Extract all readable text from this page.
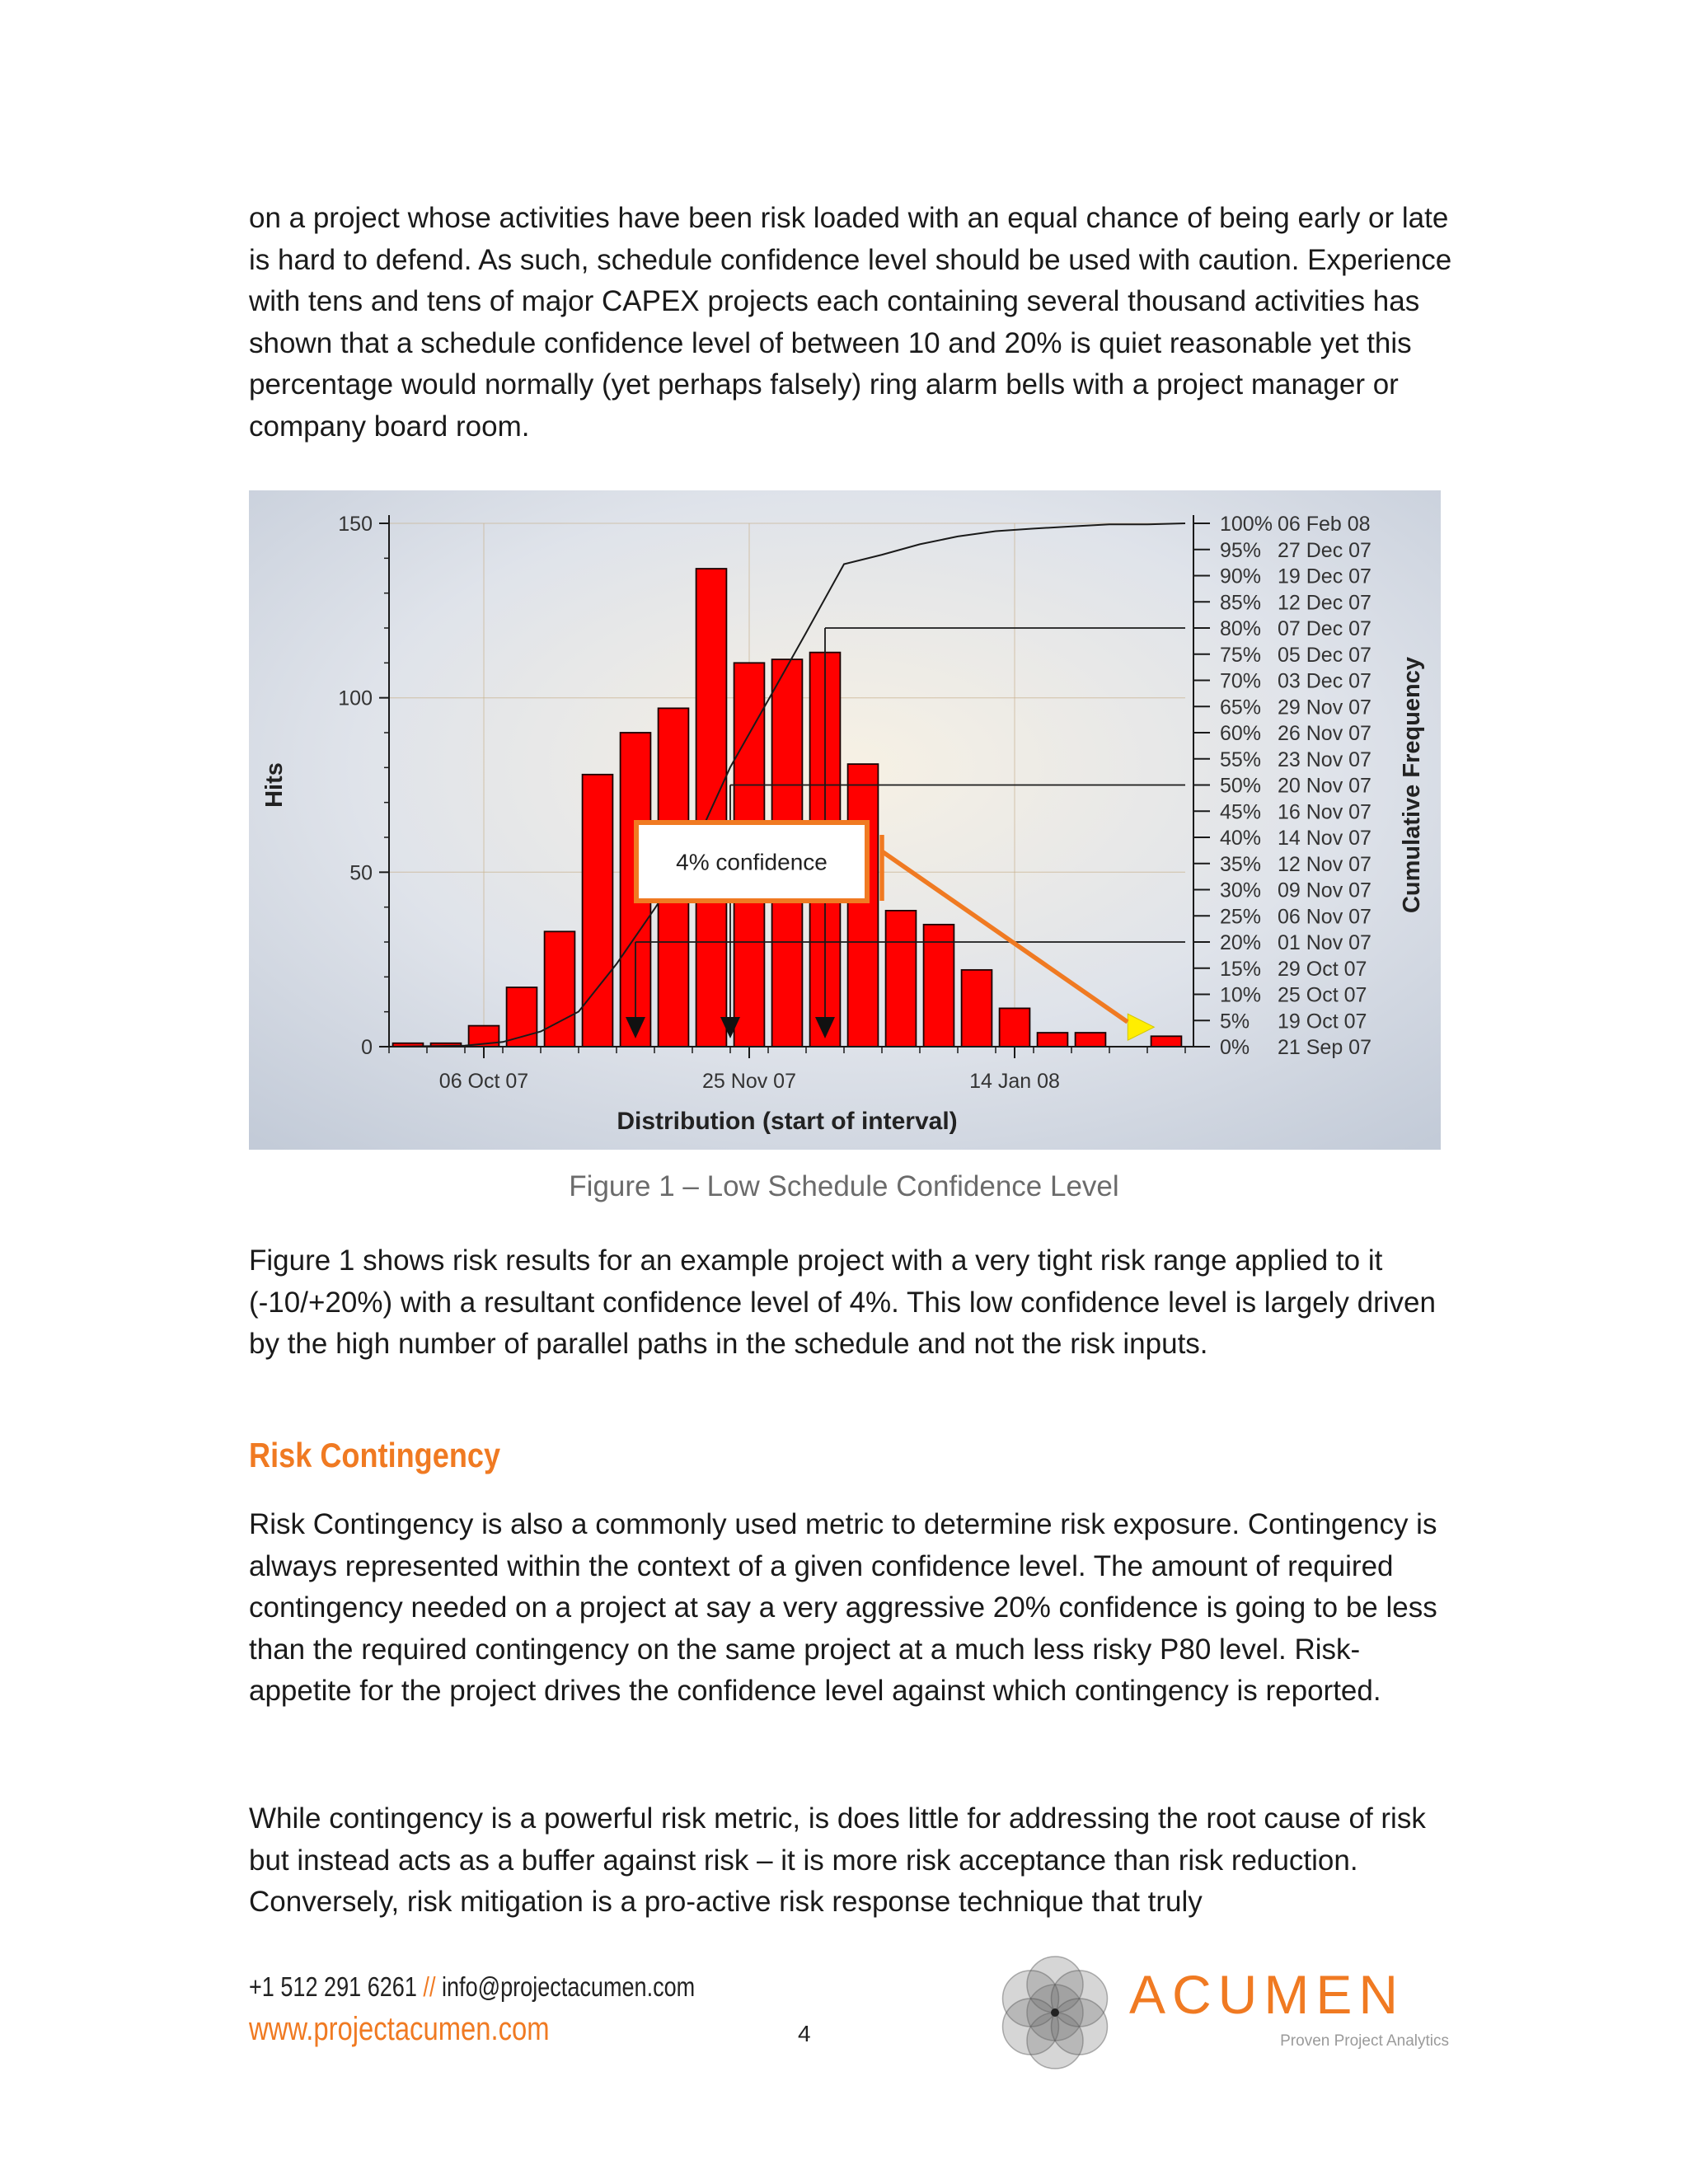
on a project whose activities have been risk loaded with an equal chance of being early or late is hard to defend. As such, schedule confidence level should be used with caution. Experience with tens and tens of major CAPEX projects each containing several thousand activities has shown that a schedule confidence level of between 10 and 20% is quiet reasonable yet this percentage would normally (yet perhaps falsely) ring alarm bells with a project manager or company board room.

0
50
100
150
Hits
06 Oct 07	25 Nov 07	14 Jan 08
Distribution (start of interval)
100% 06 Feb 08
95% 27 Dec 07
90% 19 Dec 07
85% 12 Dec 07
80% 07 Dec 07
75% 05 Dec 07
70% 03 Dec 07
65% 29 Nov 07
60% 26 Nov 07
55% 23 Nov 07
50% 20 Nov 07
45% 16 Nov 07
40% 14 Nov 07
35% 12 Nov 07
30% 09 Nov 07
25% 06 Nov 07
20% 01 Nov 07
15% 29 Oct 07
10% 25 Oct 07
5% 19 Oct 07
0% 21 Sep 07
Cumulative Frequency
4% confidence

Figure 1 – Low Schedule Confidence Level

Figure 1 shows risk results for an example project with a very tight risk range applied to it (-10/+20%) with a resultant confidence level of 4%. This low confidence level is largely driven by the high number of parallel paths in the schedule and not the risk inputs.

Risk Contingency

Risk Contingency is also a commonly used metric to determine risk exposure. Contingency is always represented within the context of a given confidence level. The amount of required contingency needed on a project at say a very aggressive 20% confidence is going to be less than the required contingency on the same project at a much less risky P80 level. Risk-appetite for the project drives the confidence level against which contingency is reported.

While contingency is a powerful risk metric, is does little for addressing the root cause of risk but instead acts as a buffer against risk – it is more risk acceptance than risk reduction. Conversely, risk mitigation is a pro-active risk response technique that truly

+1 512 291 6261 // info@projectacumen.com

www.projectacumen.com	4

ACUMEN

Proven Project Analytics
